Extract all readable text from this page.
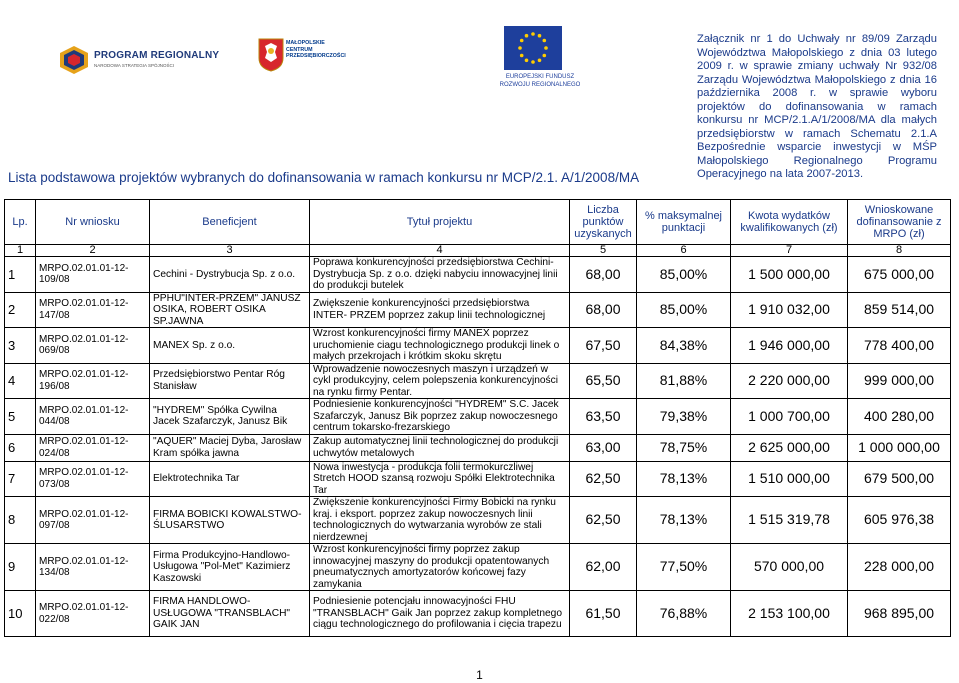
PROGRAM REGIONALNY
NARODOWA STRATEGIA SPÓJNOŚCI
MAŁOPOLSKIE
CENTRUM
PRZEDSIĘBIORCZOŚCI
EUROPEJSKI FUNDUSZ
ROZWOJU REGIONALNEGO
Załącznik nr 1 do Uchwały nr 89/09 Zarządu Województwa Małopolskiego z dnia 03 lutego 2009 r. w sprawie zmiany uchwały Nr 932/08 Zarządu Województwa Małopolskiego z dnia 16 października 2008 r. w sprawie wyboru projektów do dofinansowania w ramach konkursu nr MCP/2.1.A/1/2008/MA dla małych przedsiębiorstw w ramach Schematu 2.1.A Bezpośrednie wsparcie inwestycji w MŚP Małopolskiego Regionalnego Programu Operacyjnego na lata 2007-2013.
Lista podstawowa projektów wybranych do dofinansowania w ramach konkursu nr MCP/2.1. A/1/2008/MA
Lp.	Nr wniosku	Beneficjent	Tytuł projektu	Liczba punktów uzyskanych	% maksymalnej punktacji	Kwota wydatków kwalifikowanych (zł)	Wnioskowane dofinansowanie z MRPO (zł)
1	2	3	4	5	6	7	8
1	MRPO.02.01.01-12-109/08	Cechini - Dystrybucja Sp. z o.o.	Poprawa konkurencyjności przedsiębiorstwa Cechini-Dystrybucja Sp. z o.o. dzięki nabyciu innowacyjnej linii do produkcji butelek	68,00	85,00%	1 500 000,00	675 000,00
2	MRPO.02.01.01-12-147/08	PPHU"INTER-PRZEM" JANUSZ OSIKA, ROBERT OSIKA SP.JAWNA	Zwiększenie konkurencyjności przedsiębiorstwa INTER- PRZEM poprzez zakup linii technologicznej	68,00	85,00%	1 910 032,00	859 514,00
3	MRPO.02.01.01-12-069/08	MANEX Sp. z o.o.	Wzrost konkurencyjności firmy MANEX poprzez uruchomienie ciagu technologicznego produkcji linek o małych przekrojach i krótkim skoku skrętu	67,50	84,38%	1 946 000,00	778 400,00
4	MRPO.02.01.01-12-196/08	Przedsiębiorstwo Pentar Róg Stanisław	Wprowadzenie nowoczesnych maszyn i urządzeń w cykl produkcyjny, celem polepszenia konkurencyjności na rynku firmy Pentar.	65,50	81,88%	2 220 000,00	999 000,00
5	MRPO.02.01.01-12-044/08	"HYDREM" Spółka Cywilna Jacek Szafarczyk, Janusz Bik	Podniesienie konkurencyjności "HYDREM" S.C. Jacek Szafarczyk, Janusz Bik poprzez zakup nowoczesnego centrum tokarsko-frezarskiego	63,50	79,38%	1 000 700,00	400 280,00
6	MRPO.02.01.01-12-024/08	"AQUER" Maciej Dyba, Jarosław Kram spółka jawna	Zakup automatycznej linii technologicznej do produkcji uchwytów metalowych	63,00	78,75%	2 625 000,00	1 000 000,00
7	MRPO.02.01.01-12-073/08	Elektrotechnika Tar	Nowa inwestycja - produkcja folii termokurczliwej Stretch HOOD szansą rozwoju Spółki Elektrotechnika Tar	62,50	78,13%	1 510 000,00	679 500,00
8	MRPO.02.01.01-12-097/08	FIRMA BOBICKI KOWALSTWO-ŚLUSARSTWO	Zwiększenie konkurencyjności Firmy Bobicki na rynku kraj. i eksport. poprzez zakup nowoczesnych linii technologicznych do wytwarzania wyrobów ze stali nierdzewnej	62,50	78,13%	1 515 319,78	605 976,38
9	MRPO.02.01.01-12-134/08	Firma Produkcyjno-Handlowo-Usługowa "Pol-Met" Kazimierz Kaszowski	Wzrost konkurencyjności firmy poprzez zakup innowacyjnej maszyny do produkcji opatentowanych pneumatycznych amortyzatorów końcowej fazy zamykania	62,00	77,50%	570 000,00	228 000,00
10	MRPO.02.01.01-12-022/08	FIRMA HANDLOWO-USŁUGOWA "TRANSBLACH" GAIK JAN	Podniesienie potencjału innowacyjności FHU "TRANSBLACH" Gaik Jan poprzez zakup kompletnego ciągu technologicznego do profilowania i cięcia trapezu	61,50	76,88%	2 153 100,00	968 895,00
1
